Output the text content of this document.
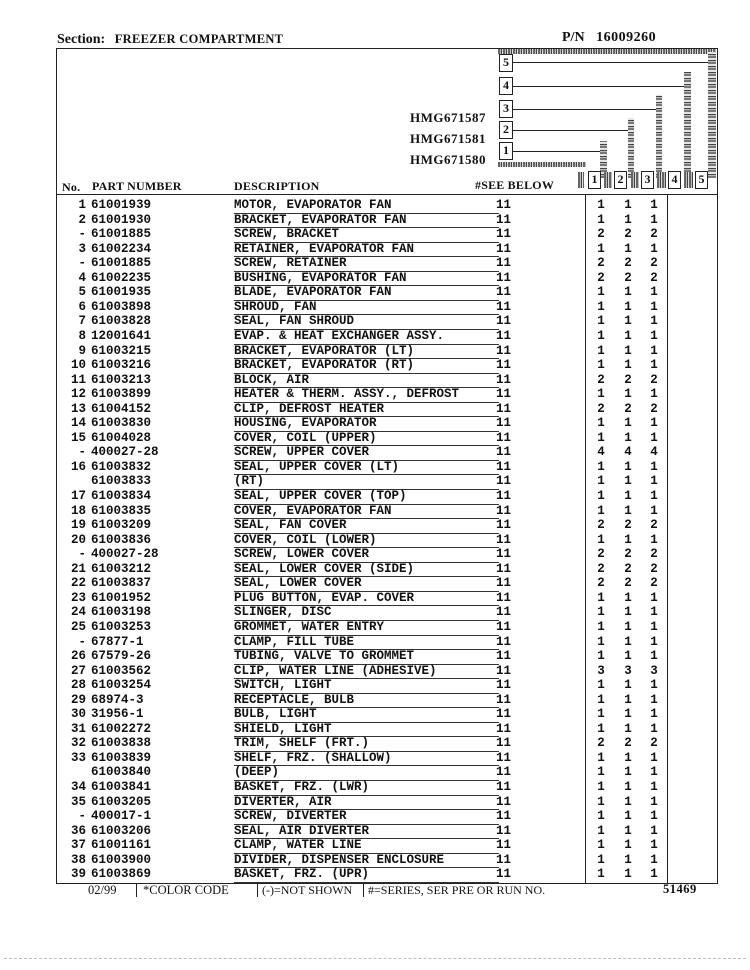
Section: FREEZER COMPARTMENT	P/N 16009260
5
4
3
2
1
HMG671587
HMG671581
HMG671580
1 2 3 4 5
No. PART NUMBER	DESCRIPTION	#SEE BELOW
1 61001939	MOTOR, EVAPORATOR FAN	11	1	1	1
2 61001930	BRACKET, EVAPORATOR FAN	11	1	1	1
- 61001885	SCREW, BRACKET	11	2	2	2
3 61002234	RETAINER, EVAPORATOR FAN	11	1	1	1
- 61001885	SCREW, RETAINER	11	2	2	2
4 61002235	BUSHING, EVAPORATOR FAN	11	2	2	2
5 61001935	BLADE, EVAPORATOR FAN	11	1	1	1
6 61003898	SHROUD, FAN	11	1	1	1
7 61003828	SEAL, FAN SHROUD	11	1	1	1
8 12001641	EVAP. & HEAT EXCHANGER ASSY.	11	1	1	1
9 61003215	BRACKET, EVAPORATOR (LT)	11	1	1	1
10 61003216	BRACKET, EVAPORATOR (RT)	11	1	1	1
11 61003213	BLOCK, AIR	11	2	2	2
12 61003899	HEATER & THERM. ASSY., DEFROST	11	1	1	1
13 61004152	CLIP, DEFROST HEATER	11	2	2	2
14 61003830	HOUSING, EVAPORATOR	11	1	1	1
15 61004028	COVER, COIL (UPPER)	11	1	1	1
- 400027-28	SCREW, UPPER COVER	11	4	4	4
16 61003832	SEAL, UPPER COVER (LT)	11	1	1	1
61003833	(RT)	11	1	1	1
17 61003834	SEAL, UPPER COVER (TOP)	11	1	1	1
18 61003835	COVER, EVAPORATOR FAN	11	1	1	1
19 61003209	SEAL, FAN COVER	11	2	2	2
20 61003836	COVER, COIL (LOWER)	11	1	1	1
- 400027-28	SCREW, LOWER COVER	11	2	2	2
21 61003212	SEAL, LOWER COVER (SIDE)	11	2	2	2
22 61003837	SEAL, LOWER COVER	11	2	2	2
23 61001952	PLUG BUTTON, EVAP. COVER	11	1	1	1
24 61003198	SLINGER, DISC	11	1	1	1
25 61003253	GROMMET, WATER ENTRY	11	1	1	1
- 67877-1	CLAMP, FILL TUBE	11	1	1	1
26 67579-26	TUBING, VALVE TO GROMMET	11	1	1	1
27 61003562	CLIP, WATER LINE (ADHESIVE)	11	3	3	3
28 61003254	SWITCH, LIGHT	11	1	1	1
29 68974-3	RECEPTACLE, BULB	11	1	1	1
30 31956-1	BULB, LIGHT	11	1	1	1
31 61002272	SHIELD, LIGHT	11	1	1	1
32 61003838	TRIM, SHELF (FRT.)	11	2	2	2
33 61003839	SHELF, FRZ. (SHALLOW)	11	1	1	1
61003840	(DEEP)	11	1	1	1
34 61003841	BASKET, FRZ. (LWR)	11	1	1	1
35 61003205	DIVERTER, AIR	11	1	1	1
- 400017-1	SCREW, DIVERTER	11	1	1	1
36 61003206	SEAL, AIR DIVERTER	11	1	1	1
37 61001161	CLAMP, WATER LINE	11	1	1	1
38 61003900	DIVIDER, DISPENSER ENCLOSURE	11	1	1	1
39 61003869	BASKET, FRZ. (UPR)	11	1	1	1
02/99 *COLOR CODE	(-)=NOT SHOWN #=SERIES, SER PRE OR RUN NO.	51469
